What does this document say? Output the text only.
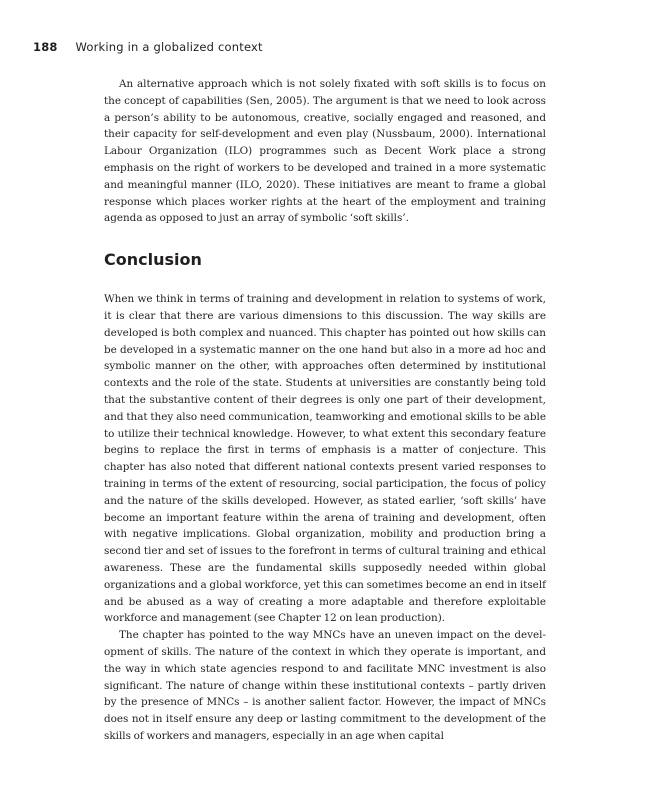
188 Working in a globalized context

An alternative approach which is not solely fixated with soft skills is to focus on the concept of capabilities (Sen, 2005). The argument is that we need to look across a person’s ability to be autonomous, creative, socially engaged and reasoned, and their capacity for self-development and even play (Nussbaum, 2000). International Labour Organization (ILO) programmes such as Decent Work place a strong emphasis on the right of workers to be developed and trained in a more systematic and meaningful manner (ILO, 2020). These initiatives are meant to frame a global response which places worker rights at the heart of the employment and training agenda as opposed to just an array of symbolic ‘soft skills’.

Conclusion

When we think in terms of training and development in relation to systems of work, it is clear that there are various dimensions to this discussion. The way skills are developed is both complex and nuanced. This chapter has pointed out how skills can be developed in a systematic manner on the one hand but also in a more ad hoc and symbolic manner on the other, with approaches often determined by institutional contexts and the role of the state. Students at universities are constantly being told that the substantive content of their degrees is only one part of their development, and that they also need communication, teamworking and emotional skills to be able to utilize their technical knowledge. However, to what extent this secondary feature begins to replace the first in terms of emphasis is a matter of conjecture. This chapter has also noted that different national contexts present varied responses to training in terms of the extent of resourcing, social participation, the focus of policy and the nature of the skills developed. However, as stated earlier, ‘soft skills’ have become an important feature within the arena of training and development, often with negative implications. Global organization, mobility and production bring a second tier and set of issues to the forefront in terms of cultural training and ethical awareness. These are the fundamental skills supposedly needed within global organizations and a global workforce, yet this can sometimes become an end in itself and be abused as a way of creating a more adaptable and therefore exploitable workforce and management (see Chapter 12 on lean production).

The chapter has pointed to the way MNCs have an uneven impact on the development of skills. The nature of the context in which they operate is important, and the way in which state agencies respond to and facilitate MNC investment is also significant. The nature of change within these institutional contexts – partly driven by the presence of MNCs – is another salient factor. However, the impact of MNCs does not in itself ensure any deep or lasting commitment to the development of the skills of workers and managers, especially in an age when capital
